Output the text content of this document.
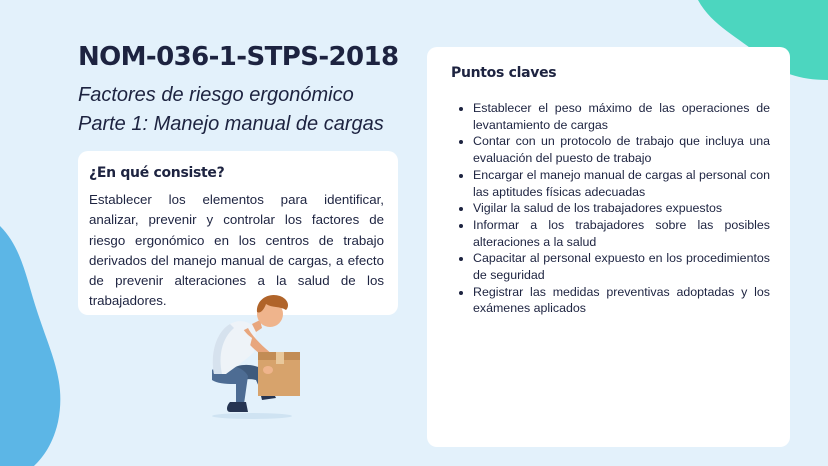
NOM-036-1-STPS-2018

Factores de riesgo ergonómico

Parte 1: Manejo manual de cargas

¿En qué consiste?

Establecer los elementos para identificar, analizar, prevenir y controlar los factores de riesgo ergonómico en los centros de trabajo derivados del manejo manual de cargas, a efecto de prevenir alteraciones a la salud de los trabajadores.

Puntos claves
• Establecer el peso máximo de las operaciones de levantamiento de cargas
• Contar con un protocolo de trabajo que incluya una evaluación del puesto de trabajo
• Encargar el manejo manual de cargas al personal con las aptitudes físicas adecuadas
• Vigilar la salud de los trabajadores expuestos
• Informar a los trabajadores sobre las posibles alteraciones a la salud
• Capacitar al personal expuesto en los procedimientos de seguridad
• Registrar las medidas preventivas adoptadas y los exámenes aplicados
